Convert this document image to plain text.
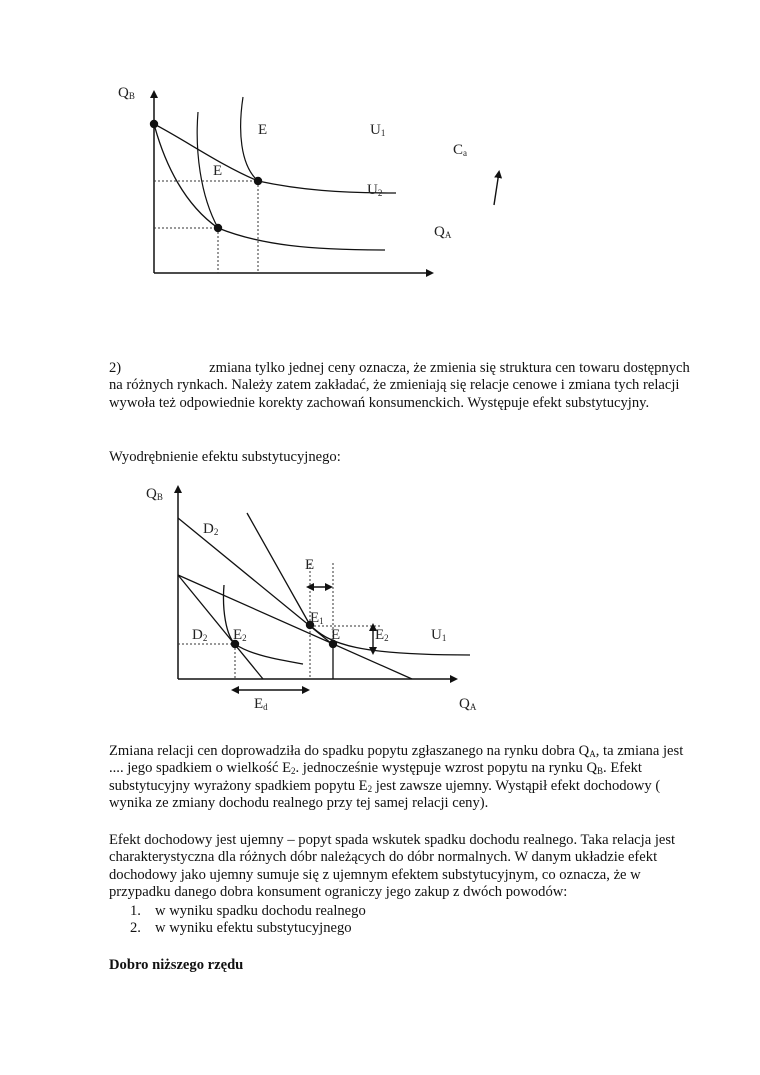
QB
E
E
U1
U2
Ca
QA

2)	zmiana tylko jednej ceny oznacza, że zmienia się struktura cen towaru dostępnych na różnych rynkach. Należy zatem zakładać, że zmieniają się relacje cenowe i zmiana tych relacji wywoła też odpowiednie korekty zachowań konsumenckich. Występuje efekt substytucyjny.

Wyodrębnienie efektu substytucyjnego:

QB
D2
E
E1
E
D2 E2	E2	U1
Ed	QA

Zmiana relacji cen doprowadziła do spadku popytu zgłaszanego na rynku dobra $Q_A$, ta zmiana jest .... jego spadkiem o wielkość $E_2$. jednocześnie występuje wzrost popytu na rynku $Q_B$. Efekt substytucyjny wyrażony spadkiem popytu $E_2$ jest zawsze ujemny. Wystąpił efekt dochodowy ( wynika ze zmiany dochodu realnego przy tej samej relacji ceny).

Efekt dochodowy jest ujemny – popyt spada wskutek spadku dochodu realnego. Taka relacja jest charakterystyczna dla różnych dóbr należących do dóbr normalnych. W danym układzie efekt dochodowy jako ujemny sumuje się z ujemnym efektem substytucyjnym, co oznacza, że w przypadku danego dobra konsument ograniczy jego zakup z dwóch powodów:

1. w wyniku spadku dochodu realnego
2. w wyniku efektu substytucyjnego

Dobro niższego rzędu
